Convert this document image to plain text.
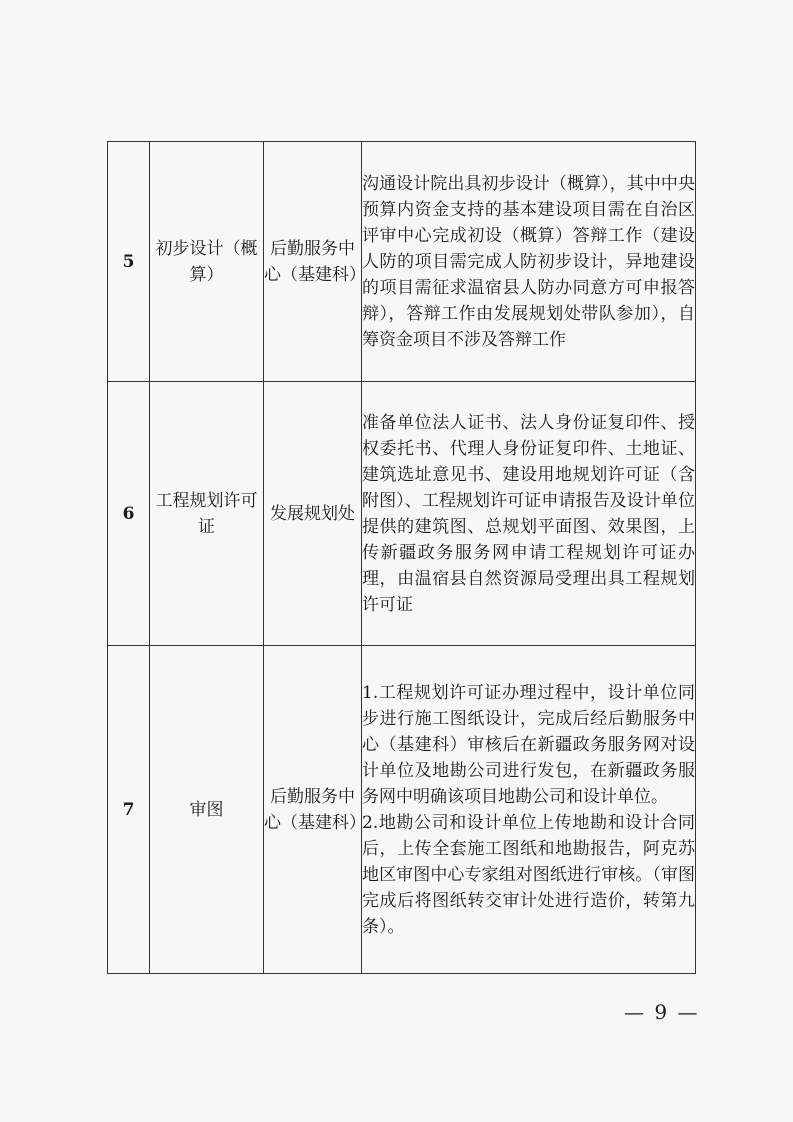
5	初步设计（概算）	后勤服务中心（基建科）	沟通设计院出具初步设计（概算），其中中央预算内资金支持的基本建设项目需在自治区评审中心完成初设（概算）答辩工作（建设人防的项目需完成人防初步设计，异地建设的项目需征求温宿县人防办同意方可申报答辩），答辩工作由发展规划处带队参加），自筹资金项目不涉及答辩工作
6	工程规划许可证	发展规划处	准备单位法人证书、法人身份证复印件、授权委托书、代理人身份证复印件、土地证、建筑选址意见书、建设用地规划许可证（含附图）、工程规划许可证申请报告及设计单位提供的建筑图、总规划平面图、效果图，上传新疆政务服务网申请工程规划许可证办理，由温宿县自然资源局受理出具工程规划许可证
7	审图	后勤服务中心（基建科）	1.工程规划许可证办理过程中，设计单位同步进行施工图纸设计，完成后经后勤服务中心（基建科）审核后在新疆政务服务网对设计单位及地勘公司进行发包，在新疆政务服务网中明确该项目地勘公司和设计单位。
2.地勘公司和设计单位上传地勘和设计合同后，上传全套施工图纸和地勘报告，阿克苏地区审图中心专家组对图纸进行审核。（审图完成后将图纸转交审计处进行造价，转第九条）。
— 9 —
